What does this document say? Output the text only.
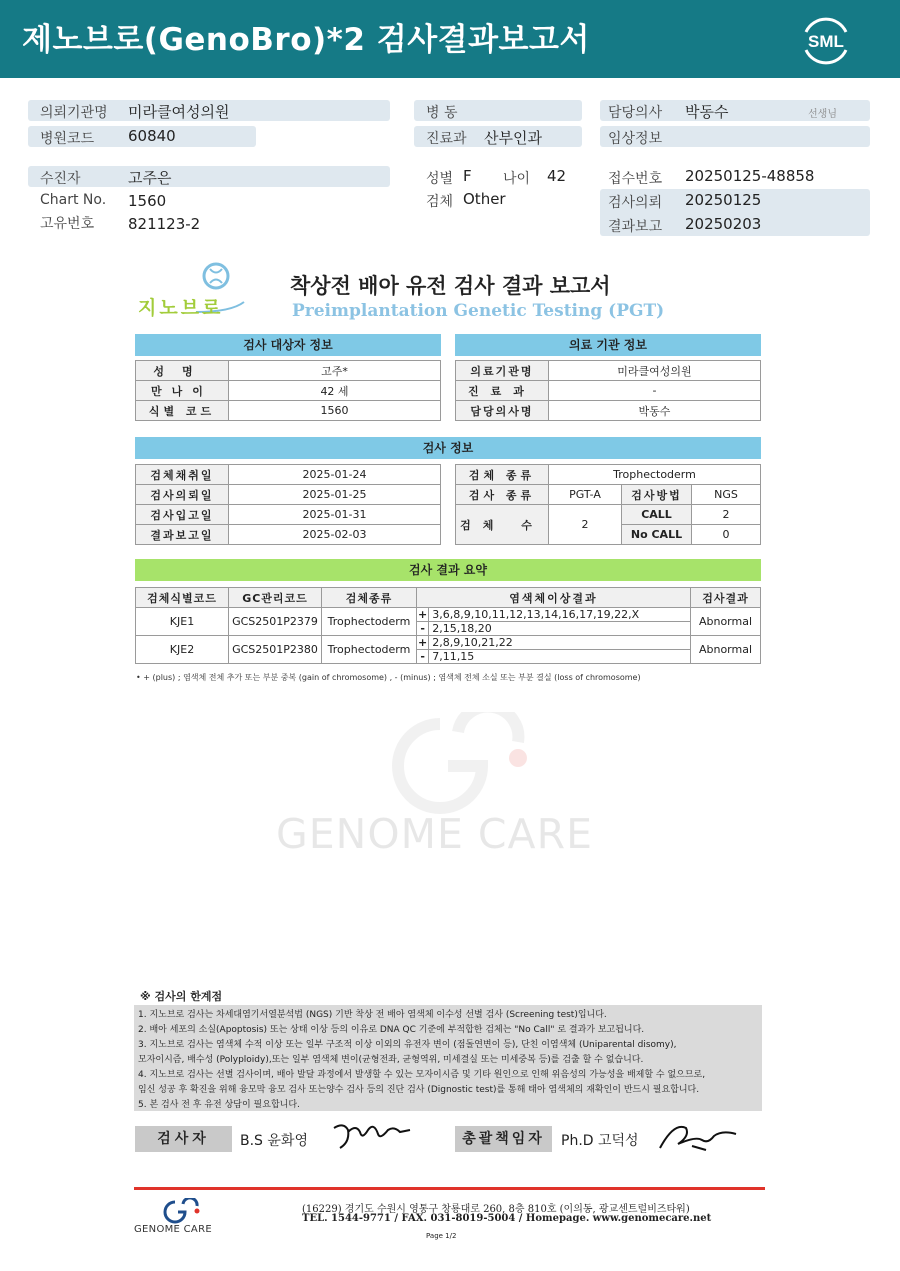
제노브로(GenoBro)*2 검사결과보고서	SML
의뢰기관명 미라클여성의원
병원코드 60840
수진자	고주은
Chart No. 1560
고유번호 821123-2
병 동
진료과 산부인과
성별 F 나이 42
검체 Other
담당의사 박동수	선생님
임상정보
접수번호 20250125-48858
검사의뢰 20250125
결과보고 20250203
지노브로
착상전 배아 유전 검사 결과 보고서
Preimplantation Genetic Testing (PGT)
검사 대상자 정보
성명	고주*
만나이	42 세
식별 코드	1560
의료 기관 정보
의료기관명	미라클여성의원
진료과	-
담당의사명	박동수
검사 정보
검체채취일	2025-01-24
검사의뢰일	2025-01-25
검사입고일	2025-01-31
결과보고일	2025-02-03
검체 종류	Trophectoderm		
검사 종류	PGT-A	검사방법	NGS
검체 수	2	CALL	2
		No CALL	0
검사 결과 요약
검체식별코드	GC관리코드	검체종류	염색체이상결과		검사결과
KJE1	GCS2501P2379	Trophectoderm	+	3,6,8,9,10,11,12,13,14,16,17,19,22,X	Abnormal
			-	2,15,18,20	
KJE2	GCS2501P2380	Trophectoderm	+	2,8,9,10,21,22	Abnormal
			-	7,11,15	
• + (plus) ; 염색체 전체 추가 또는 부분 중복 (gain of chromosome) , - (minus) ; 염색체 전체 소실 또는 부분 결실 (loss of chromosome)
GENOME CARE
※ 검사의 한계점
1. 지노브로 검사는 차세대염기서열분석법 (NGS) 기반 착상 전 배아 염색체 이수성 선별 검사 (Screening test)입니다.
2. 배아 세포의 소실(Apoptosis) 또는 상태 이상 등의 이유로 DNA QC 기준에 부적합한 검체는 "No Call" 로 결과가 보고됩니다.
3. 지노브로 검사는 염색체 수적 이상 또는 일부 구조적 이상 이외의 유전자 변이 (점돌연변이 등), 단친 이염색체 (Uniparental disomy),
모자이시즘, 배수성 (Polyploidy),또는 일부 염색체 변이(균형전좌, 균형역위, 미세결실 또는 미세중복 등)를 검출 할 수 없습니다.
4. 지노브로 검사는 선별 검사이며, 배아 발달 과정에서 발생할 수 있는 모자이시즘 및 기타 원인으로 인해 위음성의 가능성을 배제할 수 없으므로,
임신 성공 후 확진을 위해 융모막 융모 검사 또는양수 검사 등의 진단 검사 (Dignostic test)를 통해 태아 염색체의 재확인이 반드시 필요합니다.
5. 본 검사 전 후 유전 상담이 필요합니다.
검사자	B.S 윤화영	총괄책임자	Ph.D 고덕성
GENOME CARE
(16229) 경기도 수원시 영통구 창룡대로 260, 8층 810호 (이의동, 광교센트럴비즈타워)
TEL. 1544-9771 / FAX. 031-8019-5004 / Homepage. www.genomecare.net
Page 1/2
